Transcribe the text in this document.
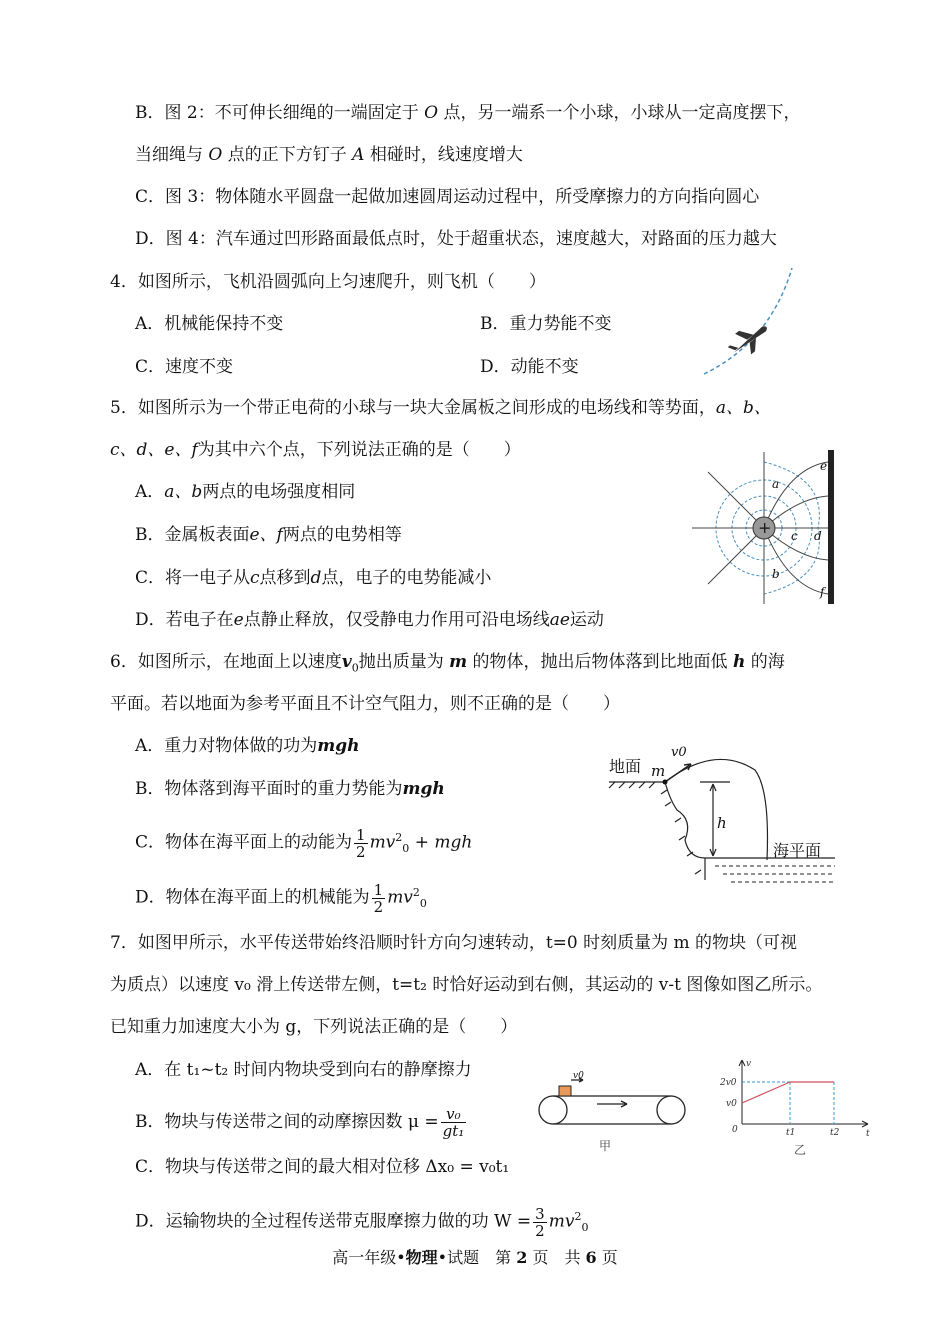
B．图 2：不可伸长细绳的一端固定于 O 点，另一端系一个小球，小球从一定高度摆下，
当细绳与 O 点的正下方钉子 A 相碰时，线速度增大
C．图 3：物体随水平圆盘一起做加速圆周运动过程中，所受摩擦力的方向指向圆心
D．图 4：汽车通过凹形路面最低点时，处于超重状态，速度越大，对路面的压力越大
4．如图所示，飞机沿圆弧向上匀速爬升，则飞机（　　）
A．机械能保持不变	B．重力势能不变
C．速度不变	D．动能不变
5．如图所示为一个带正电荷的小球与一块大金属板之间形成的电场线和等势面，a、b、
c、d、e、f为其中六个点，下列说法正确的是（　　）
A．a、b两点的电场强度相同
B．金属板表面e、f两点的电势相等
C．将一电子从c点移到d点，电子的电势能减小
D．若电子在e点静止释放，仅受静电力作用可沿电场线ae运动
+
a
b
c d
e
f
6．如图所示，在地面上以速度$v_0$抛出质量为 m 的物体，抛出后物体落到比地面低 h 的海
平面。若以地面为参考平面且不计空气阻力，则不正确的是（　　）
A．重力对物体做的功为mgh
B．物体落到海平面时的重力势能为mgh
C．物体在海平面上的动能为 $\frac{1}{2} mv^2_0$ + mgh
D．物体在海平面上的机械能为 $\frac{1}{2} mv^2_0$
地面 m
v0
h
海平面
7．如图甲所示，水平传送带始终沿顺时针方向匀速转动，t=0 时刻质量为 m 的物块（可视
为质点）以速度 v₀ 滑上传送带左侧，t=t₂ 时恰好运动到右侧，其运动的 v-t 图像如图乙所示。
已知重力加速度大小为 g，下列说法正确的是（　　）
A．在 t₁~t₂ 时间内物块受到向右的静摩擦力
B．物块与传送带之间的动摩擦因数 $\mu = \frac{\text{v₀}}{\text{gt₁}}$
C．物块与传送带之间的最大相对位移 Δx₀ = v₀t₁
D．运输物块的全过程传送带克服摩擦力做的功 $W = \frac{3}{2} mv^2_0$
v0
甲
v
t
0
2v0
v0
t1	t2
乙
高一年级•物理•试题　第 2 页　共 6 页
